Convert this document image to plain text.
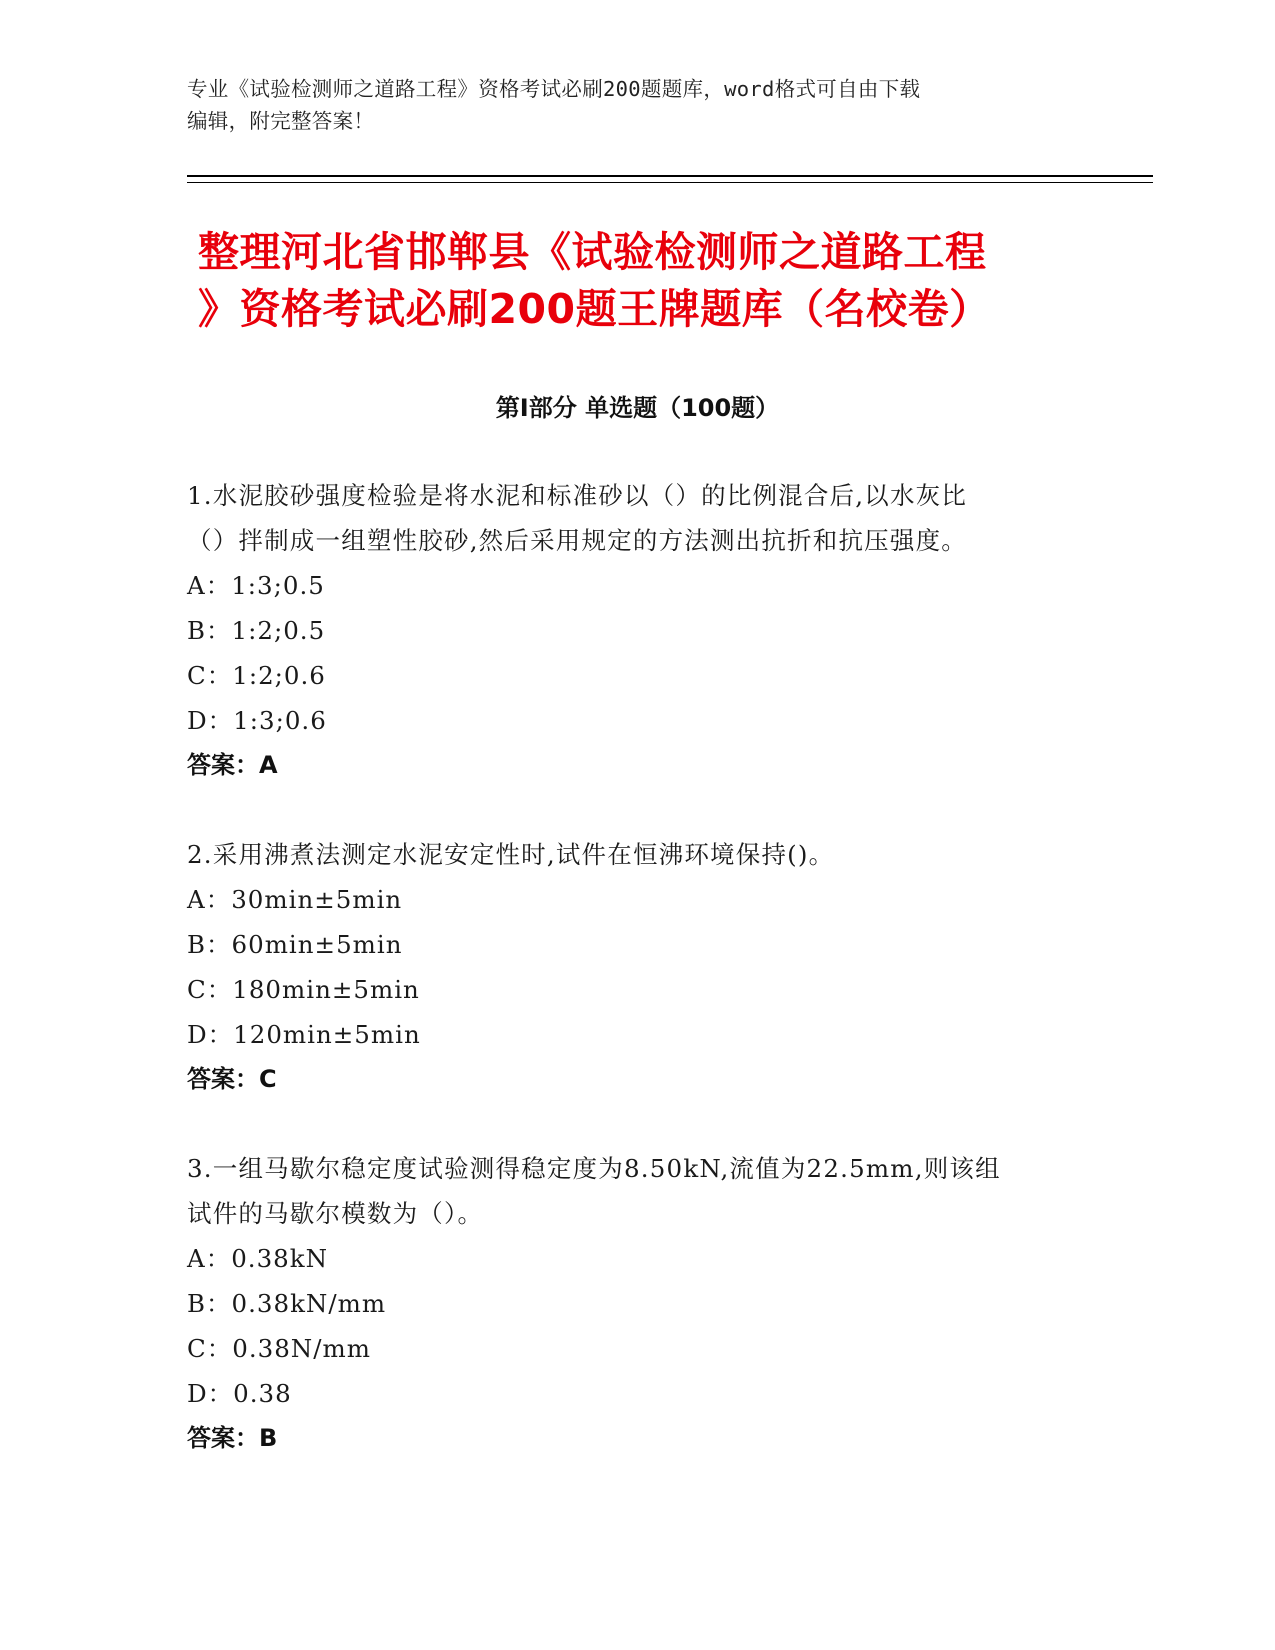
专业《试验检测师之道路工程》资格考试必刷200题题库，word格式可自由下载
编辑，附完整答案！
整理河北省邯郸县《试验检测师之道路工程
》资格考试必刷200题王牌题库（名校卷）
第Ⅰ部分 单选题（100题）
1.水泥胶砂强度检验是将水泥和标准砂以（）的比例混合后,以水灰比
（）拌制成一组塑性胶砂,然后采用规定的方法测出抗折和抗压强度。
A：1:3;0.5
B：1:2;0.5
C：1:2;0.6
D：1:3;0.6
答案：A
2.采用沸煮法测定水泥安定性时,试件在恒沸环境保持()。
A：30min±5min
B：60min±5min
C：180min±5min
D：120min±5min
答案：C
3.一组马歇尔稳定度试验测得稳定度为8.50kN,流值为22.5mm,则该组
试件的马歇尔模数为（）。
A：0.38kN
B：0.38kN/mm
C：0.38N/mm
D：0.38
答案：B
